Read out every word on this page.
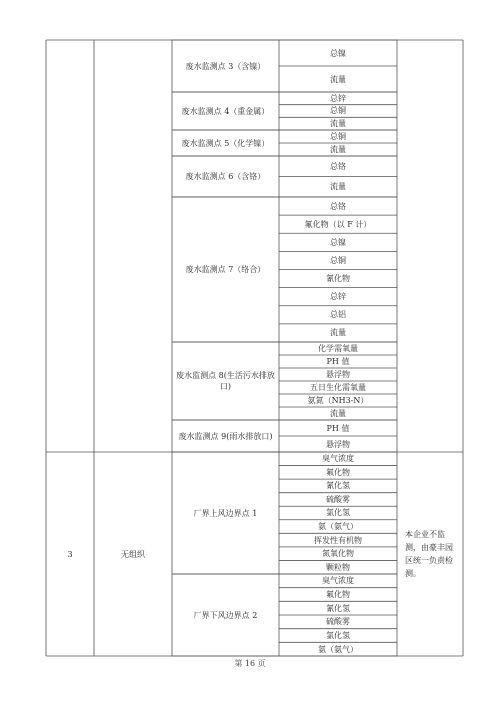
废水监测点 3（含镍）
总镍
流量
废水监测点 4（重金属）
总锌
总铜
流量
废水监测点 5（化学镍）
总铜
流量
废水监测点 6（含铬）
总铬
流量
废水监测点 7（络合）
总铬
氟化物（以 F 计）
总镍
总铜
氰化物
总锌
总铝
流量
废水监测点 8(生活污水排放口)
化学需氧量
PH 值
悬浮物
五日生化需氧量
氨氮（NH3-N）
流量
废水监测点 9(雨水排放口)
PH 值
悬浮物
厂界上风边界点 1
臭气浓度
氟化物
氰化氢
硫酸雾
氯化氢
氨（氨气）
挥发性有机物
氮氧化物
颗粒物
厂界下风边界点 2
臭气浓度
氟化物
氰化氢
硫酸雾
氯化氢
氨（氨气）
3	无组织
本企业不监测，由豪丰园区统一负责检测。
第 16 页
